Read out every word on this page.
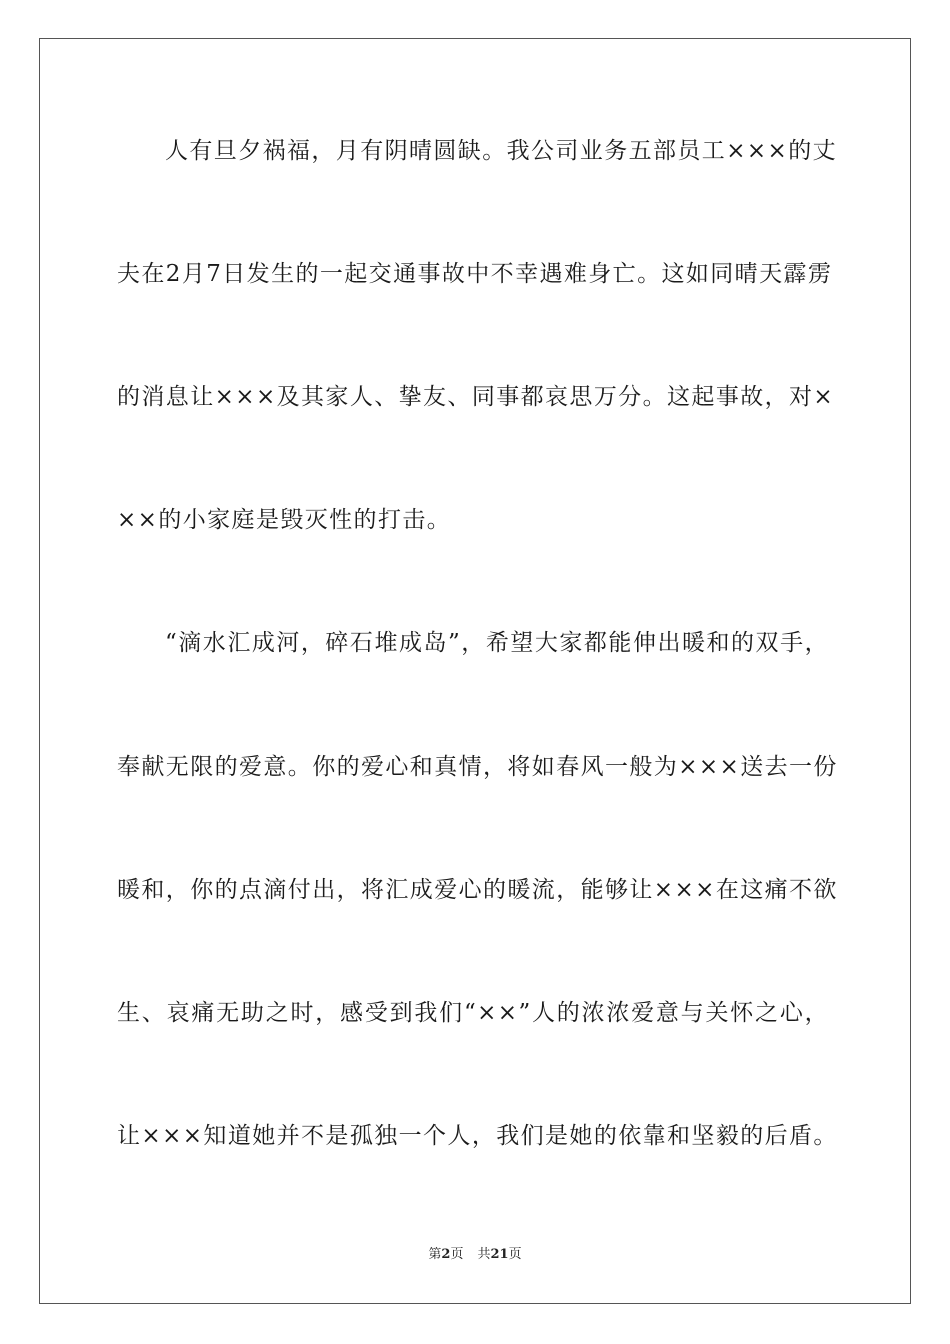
人有旦夕祸福，月有阴晴圆缺。我公司业务五部员工×××的丈
夫在2月7日发生的一起交通事故中不幸遇难身亡。这如同晴天霹雳
的消息让×××及其家人、挚友、同事都哀思万分。这起事故，对×
××的小家庭是毁灭性的打击。
“滴水汇成河，碎石堆成岛”，希望大家都能伸出暖和的双手，
奉献无限的爱意。你的爱心和真情，将如春风一般为×××送去一份
暖和，你的点滴付出，将汇成爱心的暖流，能够让×××在这痛不欲
生、哀痛无助之时，感受到我们“××”人的浓浓爱意与关怀之心，
让×××知道她并不是孤独一个人，我们是她的依靠和坚毅的后盾。
第2页 共21页
